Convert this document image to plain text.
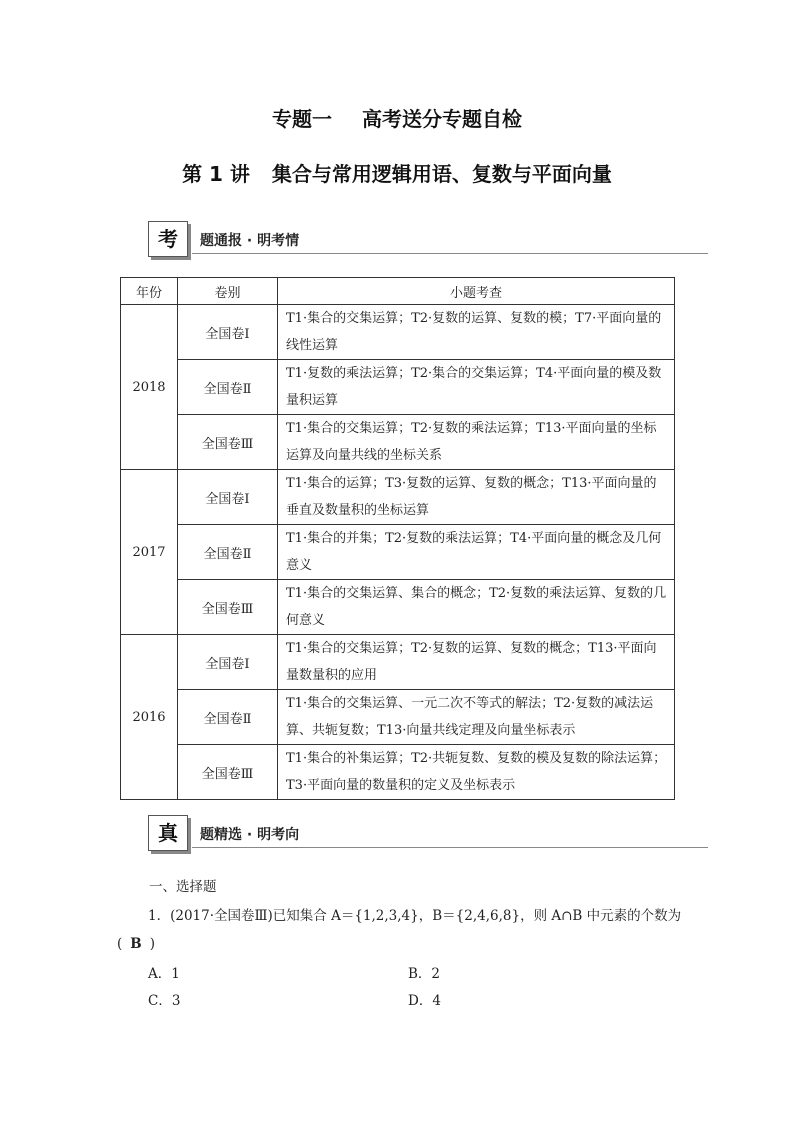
专题一 高考送分专题自检
第 1 讲 集合与常用逻辑用语、复数与平面向量
考	题通报 · 明考情
年份	卷别	小题考查
2018	全国卷Ⅰ	T1·集合的交集运算；T2·复数的运算、复数的模；T7·平面向量的线性运算
	全国卷Ⅱ	T1·复数的乘法运算；T2·集合的交集运算；T4·平面向量的模及数量积运算
	全国卷Ⅲ	T1·集合的交集运算；T2·复数的乘法运算；T13·平面向量的坐标运算及向量共线的坐标关系
2017	全国卷Ⅰ	T1·集合的运算；T3·复数的运算、复数的概念；T13·平面向量的垂直及数量积的坐标运算
	全国卷Ⅱ	T1·集合的并集；T2·复数的乘法运算；T4·平面向量的概念及几何意义
	全国卷Ⅲ	T1·集合的交集运算、集合的概念；T2·复数的乘法运算、复数的几何意义
2016	全国卷Ⅰ	T1·集合的交集运算；T2·复数的运算、复数的概念；T13·平面向量数量积的应用
	全国卷Ⅱ	T1·集合的交集运算、一元二次不等式的解法；T2·复数的减法运算、共轭复数；T13·向量共线定理及向量坐标表示
	全国卷Ⅲ	T1·集合的补集运算；T2·共轭复数、复数的模及复数的除法运算；T3·平面向量的数量积的定义及坐标表示
真	题精选 · 明考向
一、选择题
1．(2017·全国卷Ⅲ)已知集合 A＝{1,2,3,4}，B＝{2,4,6,8}，则 A∩B 中元素的个数为
( B )
A．1	B．2
C．3	D．4
